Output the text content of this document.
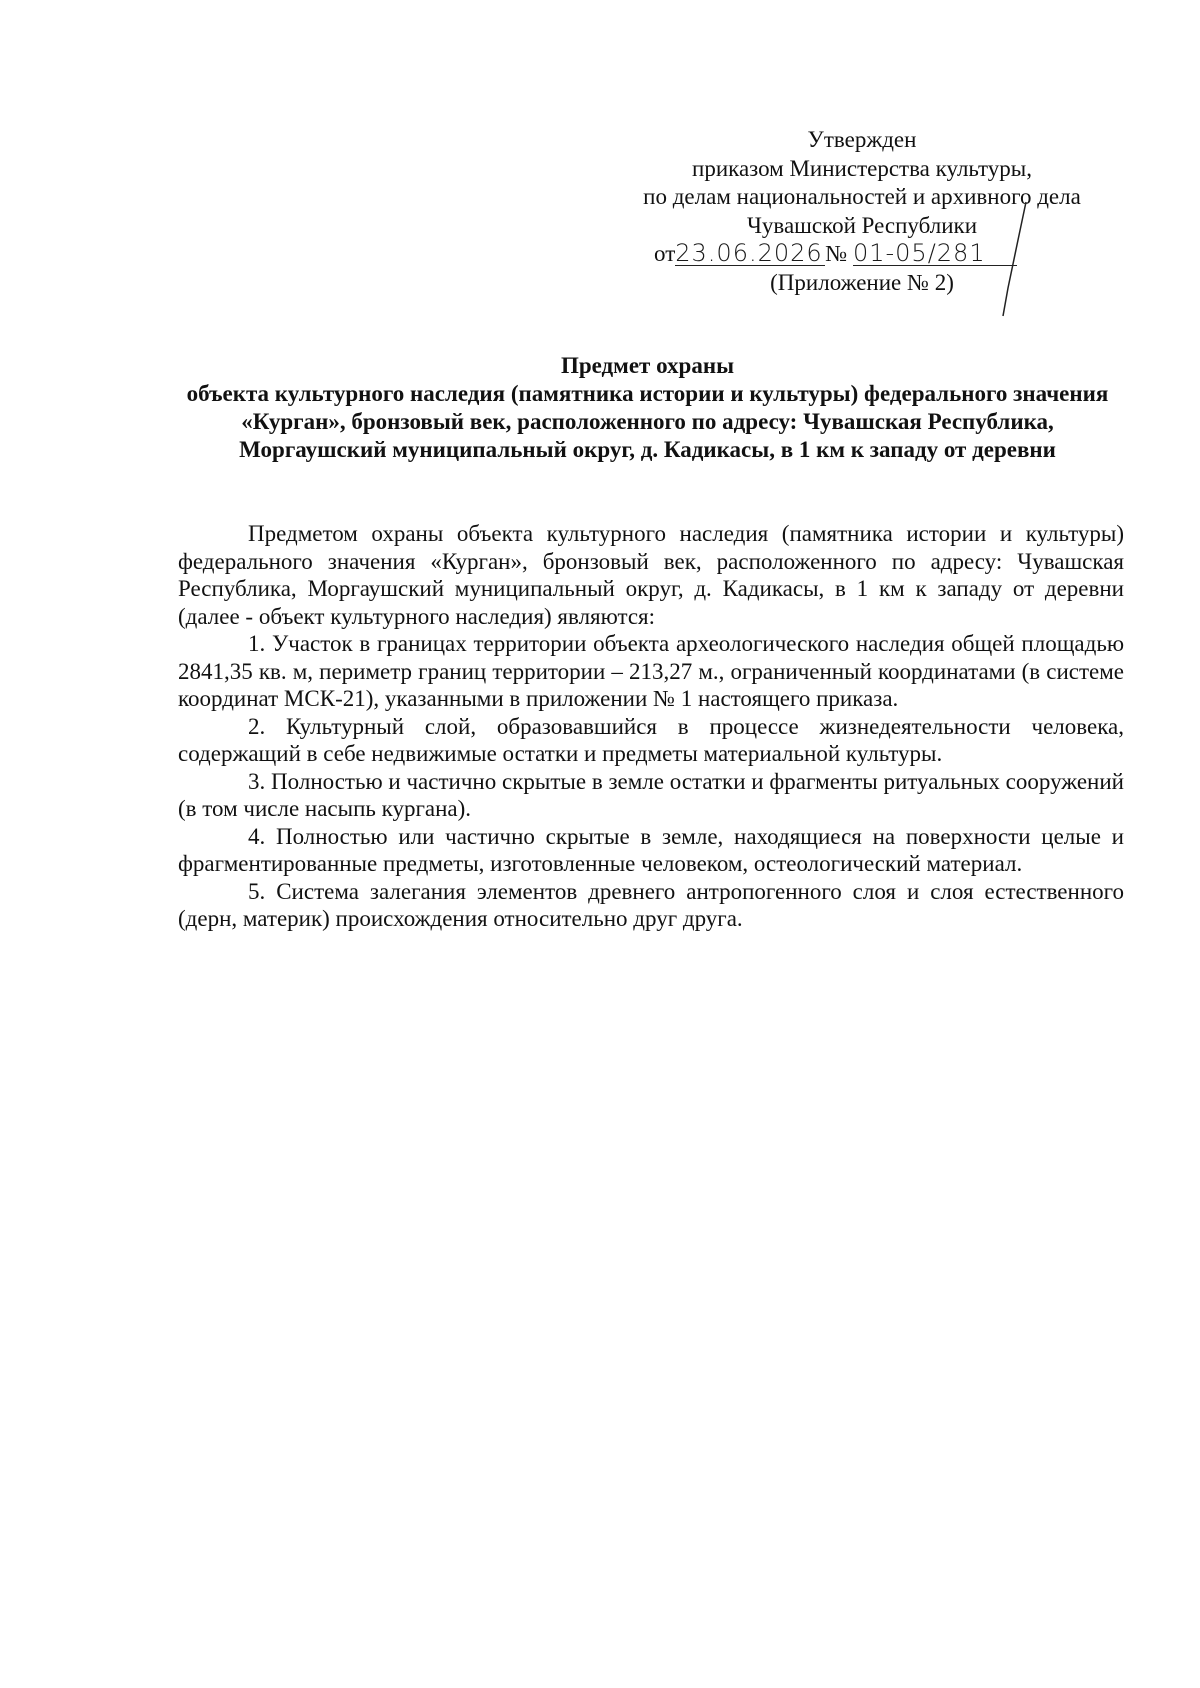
Утвержден
приказом Министерства культуры,
по делам национальностей и архивного дела
Чувашской Республики
от23.06.2026 № 01-05/281
(Приложение № 2)
Предмет охраны
объекта культурного наследия (памятника истории и культуры) федерального значения «Курган», бронзовый век, расположенного по адресу: Чувашская Республика, Моргаушский муниципальный округ, д. Кадикасы, в 1 км к западу от деревни

Предметом охраны объекта культурного наследия (памятника истории и культуры) федерального значения «Курган», бронзовый век, расположенного по адресу: Чувашская Республика, Моргаушский муниципальный округ, д. Кадикасы, в 1 км к западу от деревни (далее - объект культурного наследия) являются:

1. Участок в границах территории объекта археологического наследия общей площадью 2841,35 кв. м, периметр границ территории – 213,27 м., ограниченный координатами (в системе координат МСК-21), указанными в приложении № 1 настоящего приказа.

2. Культурный слой, образовавшийся в процессе жизнедеятельности человека, содержащий в себе недвижимые остатки и предметы материальной культуры.

3. Полностью и частично скрытые в земле остатки и фрагменты ритуальных сооружений (в том числе насыпь кургана).

4. Полностью или частично скрытые в земле, находящиеся на поверхности целые и фрагментированные предметы, изготовленные человеком, остеологический материал.

5. Система залегания элементов древнего антропогенного слоя и слоя естественного (дерн, материк) происхождения относительно друг друга.
